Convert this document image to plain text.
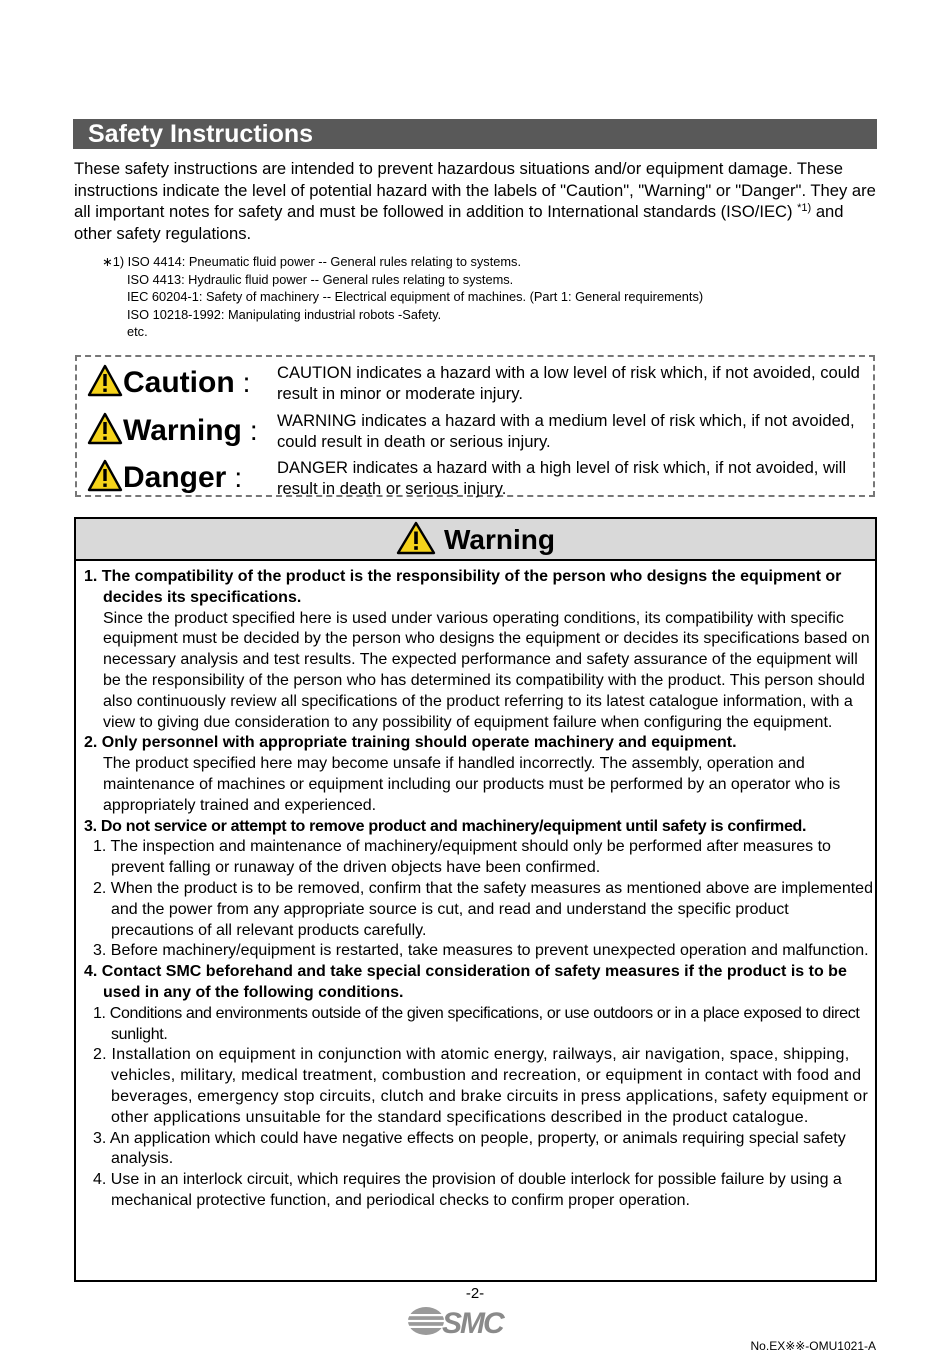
Safety Instructions
These safety instructions are intended to prevent hazardous situations and/or equipment damage. These instructions indicate the level of potential hazard with the labels of "Caution", "Warning" or "Danger". They are all important notes for safety and must be followed in addition to International standards (ISO/IEC) $^{*1)}$ and other safety regulations.
∗1) ISO 4414: Pneumatic fluid power -- General rules relating to systems.
ISO 4413: Hydraulic fluid power -- General rules relating to systems.
IEC 60204-1: Safety of machinery -- Electrical equipment of machines. (Part 1: General requirements)
ISO 10218-1992: Manipulating industrial robots -Safety.
etc.
Caution : CAUTION indicates a hazard with a low level of risk which, if not avoided, could result in minor or moderate injury.
Warning : WARNING indicates a hazard with a medium level of risk which, if not avoided, could result in death or serious injury.
Danger : DANGER indicates a hazard with a high level of risk which, if not avoided, will result in death or serious injury.
Warning
1. The compatibility of the product is the responsibility of the person who designs the equipment or decides its specifications.
Since the product specified here is used under various operating conditions, its compatibility with specific equipment must be decided by the person who designs the equipment or decides its specifications based on necessary analysis and test results. The expected performance and safety assurance of the equipment will be the responsibility of the person who has determined its compatibility with the product. This person should also continuously review all specifications of the product referring to its latest catalogue information, with a view to giving due consideration to any possibility of equipment failure when configuring the equipment.
2. Only personnel with appropriate training should operate machinery and equipment.
The product specified here may become unsafe if handled incorrectly. The assembly, operation and maintenance of machines or equipment including our products must be performed by an operator who is appropriately trained and experienced.
3. Do not service or attempt to remove product and machinery/equipment until safety is confirmed.
1. The inspection and maintenance of machinery/equipment should only be performed after measures to prevent falling or runaway of the driven objects have been confirmed.
2. When the product is to be removed, confirm that the safety measures as mentioned above are implemented and the power from any appropriate source is cut, and read and understand the specific product precautions of all relevant products carefully.
3. Before machinery/equipment is restarted, take measures to prevent unexpected operation and malfunction.
4. Contact SMC beforehand and take special consideration of safety measures if the product is to be used in any of the following conditions.
1. Conditions and environments outside of the given specifications, or use outdoors or in a place exposed to direct sunlight.
2. Installation on equipment in conjunction with atomic energy, railways, air navigation, space, shipping, vehicles, military, medical treatment, combustion and recreation, or equipment in contact with food and beverages, emergency stop circuits, clutch and brake circuits in press applications, safety equipment or other applications unsuitable for the standard specifications described in the product catalogue.
3. An application which could have negative effects on people, property, or animals requiring special safety analysis.
4. Use in an interlock circuit, which requires the provision of double interlock for possible failure by using a mechanical protective function, and periodical checks to confirm proper operation.
-2-
SMC
No.EX※※-OMU1021-A
